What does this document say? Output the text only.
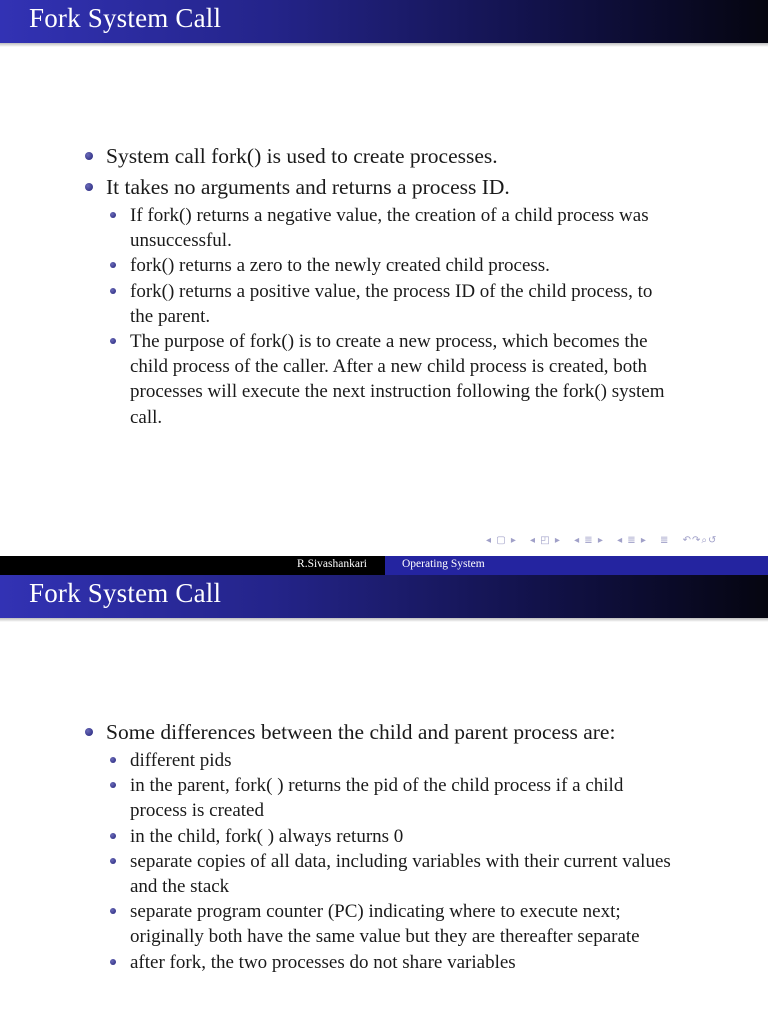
Fork System Call
System call fork() is used to create processes.
It takes no arguments and returns a process ID.
If fork() returns a negative value, the creation of a child process was unsuccessful.
fork() returns a zero to the newly created child process.
fork() returns a positive value, the process ID of the child process, to the parent.
The purpose of fork() is to create a new process, which becomes the child process of the caller. After a new child process is created, both processes will execute the next instruction following the fork() system call.
◂ ▢ ▸ ◂ ◰ ▸ ◂ ≣ ▸ ◂ ≣ ▸ ≣ ↶↷⌕↺
R.Sivashankari	Operating System
Fork System Call
Some differences between the child and parent process are:
different pids
in the parent, fork( ) returns the pid of the child process if a child process is created
in the child, fork( ) always returns 0
separate copies of all data, including variables with their current values and the stack
separate program counter (PC) indicating where to execute next; originally both have the same value but they are thereafter separate
after fork, the two processes do not share variables
